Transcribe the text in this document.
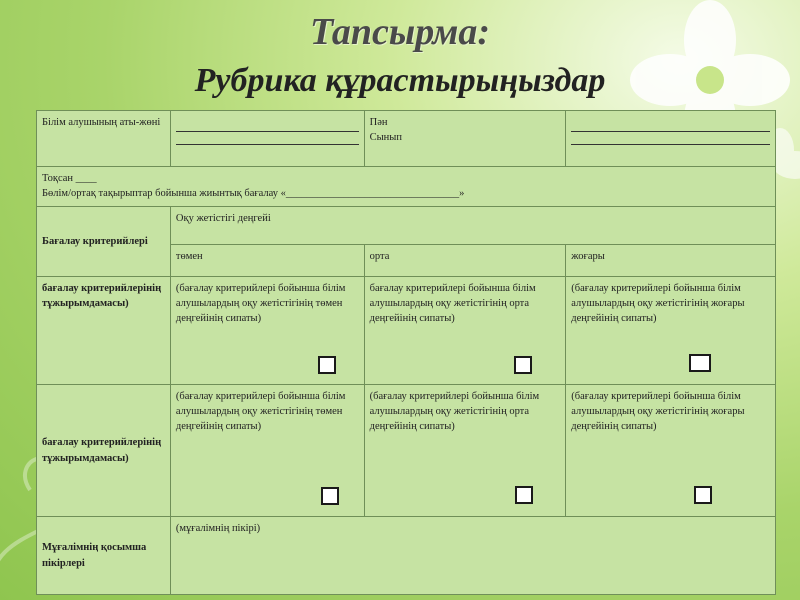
Тапсырма:
Рубрика құрастырыңыздар
Білім алушының аты-жөні		Пән
Сынып	

Тоқсан ____
Бөлім/ортақ тақырыптар бойынша жиынтық бағалау «_________________________________»			

Бағалау критерийлері	Оқу жетістігі деңгейі		
	төмен	орта	жоғары
бағалау критерийлерінің тұжырымдамасы)	(бағалау критерийлері бойынша білім алушылардың оқу жетістігінің төмен деңгейінің сипаты)	бағалау критерийлері бойынша білім алушылардың оқу жетістігінің орта деңгейінің сипаты)	(бағалау критерийлері бойынша білім алушылардың оқу жетістігінің жоғары деңгейінің сипаты)

бағалау критерийлерінің тұжырымдамасы)	(бағалау критерийлері бойынша білім алушылардың оқу жетістігінің төмен деңгейінің сипаты)	(бағалау критерийлері бойынша білім алушылардың оқу жетістігінің орта деңгейінің сипаты)	(бағалау критерийлері бойынша білім алушылардың оқу жетістігінің жоғары деңгейінің сипаты)

Мұғалімнің қосымша пікірлері	(мұғалімнің пікірі)		
